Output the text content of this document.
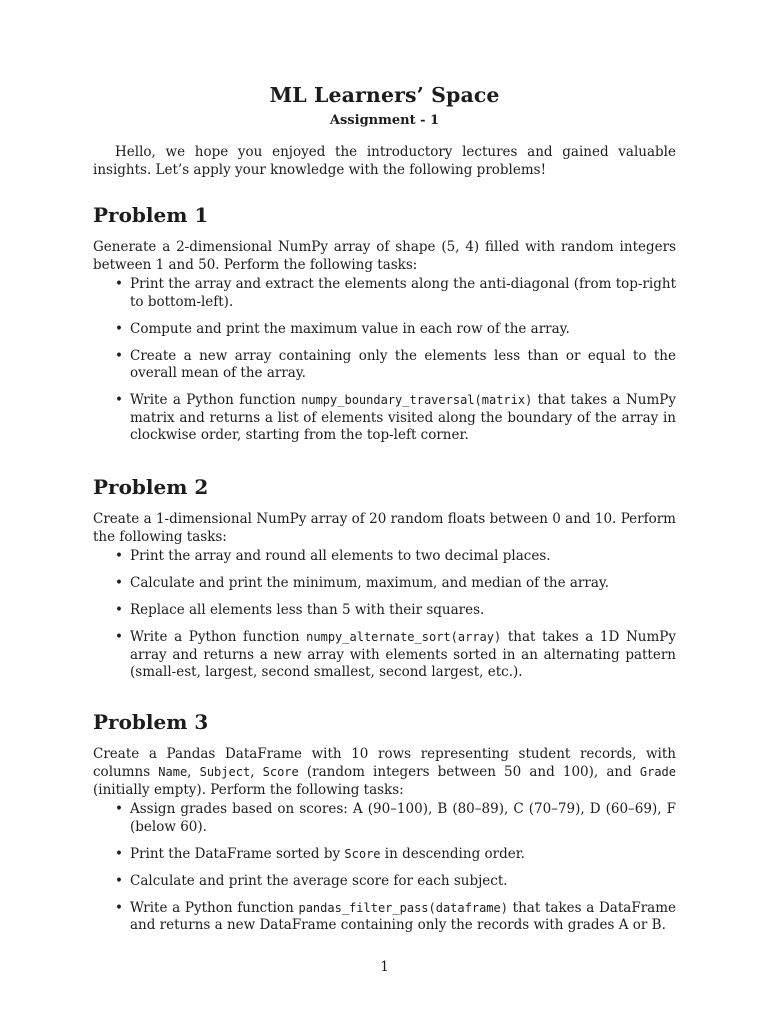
ML Learners’ Space
Assignment - 1

Hello, we hope you enjoyed the introductory lectures and gained valuable insights. Let’s apply your knowledge with the following problems!

Problem 1

Generate a 2-dimensional NumPy array of shape (5, 4) filled with random integers between 1 and 50. Perform the following tasks:

• Print the array and extract the elements along the anti-diagonal (from top-right to bottom-left).
• Compute and print the maximum value in each row of the array.
• Create a new array containing only the elements less than or equal to the overall mean of the array.
• Write a Python function numpy_boundary_traversal(matrix) that takes a NumPy matrix and returns a list of elements visited along the boundary of the array in clockwise order, starting from the top-left corner.
Problem 2

Create a 1-dimensional NumPy array of 20 random floats between 0 and 10. Perform the following tasks:

• Print the array and round all elements to two decimal places.
• Calculate and print the minimum, maximum, and median of the array.
• Replace all elements less than 5 with their squares.
• Write a Python function numpy_alternate_sort(array) that takes a 1D NumPy array and returns a new array with elements sorted in an alternating pattern (small-est, largest, second smallest, second largest, etc.).
Problem 3

Create a Pandas DataFrame with 10 rows representing student records, with columns Name, Subject, Score (random integers between 50 and 100), and Grade (initially empty). Perform the following tasks:

• Assign grades based on scores: A (90–100), B (80–89), C (70–79), D (60–69), F (below 60).
• Print the DataFrame sorted by Score in descending order.
• Calculate and print the average score for each subject.
• Write a Python function pandas_filter_pass(dataframe) that takes a DataFrame and returns a new DataFrame containing only the records with grades A or B.
1
